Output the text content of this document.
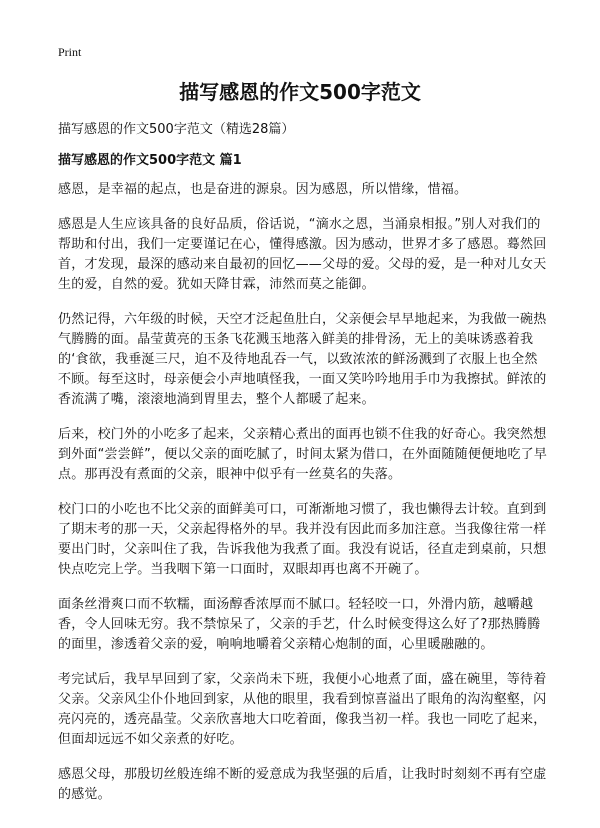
Print
描写感恩的作文500字范文
描写感恩的作文500字范文（精选28篇）
描写感恩的作文500字范文 篇1

感恩，是幸福的起点，也是奋进的源泉。因为感恩，所以惜缘，惜福。

感恩是人生应该具备的良好品质，俗话说，“滴水之恩，当涌泉相报。”别人对我们的帮助和付出，我们一定要谨记在心，懂得感激。因为感动，世界才多了感恩。蓦然回首，才发现，最深的感动来自最初的回忆——父母的爱。父母的爱，是一种对儿女天生的爱，自然的爱。犹如天降甘霖，沛然而莫之能御。

仍然记得，六年级的时候，天空才泛起鱼肚白，父亲便会早早地起来，为我做一碗热气腾腾的面。晶莹黄亮的玉条飞花溅玉地落入鲜美的排骨汤，无上的美味诱惑着我的‘食欲，我垂涎三尺，迫不及待地乱吞一气，以致浓浓的鲜汤溅到了衣服上也全然不顾。每至这时，母亲便会小声地嗔怪我，一面又笑吟吟地用手巾为我擦拭。鲜浓的香流满了嘴，滚滚地淌到胃里去，整个人都暖了起来。

后来，校门外的小吃多了起来，父亲精心煮出的面再也锁不住我的好奇心。我突然想到外面“尝尝鲜”，便以父亲的面吃腻了，时间太紧为借口，在外面随随便便地吃了早点。那再没有煮面的父亲，眼神中似乎有一丝莫名的失落。

校门口的小吃也不比父亲的面鲜美可口，可渐渐地习惯了，我也懒得去计较。直到到了期末考的那一天，父亲起得格外的早。我并没有因此而多加注意。当我像往常一样要出门时，父亲叫住了我，告诉我他为我煮了面。我没有说话，径直走到桌前，只想快点吃完上学。当我咽下第一口面时，双眼却再也离不开碗了。

面条丝滑爽口而不软糯，面汤醇香浓厚而不腻口。轻轻咬一口，外滑内筋，越嚼越香，令人回味无穷。我不禁惊呆了，父亲的手艺，什么时候变得这么好了?那热腾腾的面里，渗透着父亲的爱，响响地嚼着父亲精心炮制的面，心里暖融融的。

考完试后，我早早回到了家，父亲尚未下班，我便小心地煮了面，盛在碗里，等待着父亲。父亲风尘仆仆地回到家，从他的眼里，我看到惊喜溢出了眼角的沟沟壑壑，闪亮闪亮的，透亮晶莹。父亲欣喜地大口吃着面，像我当初一样。我也一同吃了起来，但面却远远不如父亲煮的好吃。

感恩父母，那殷切丝般连绵不断的爱意成为我坚强的后盾，让我时时刻刻不再有空虚的感觉。
